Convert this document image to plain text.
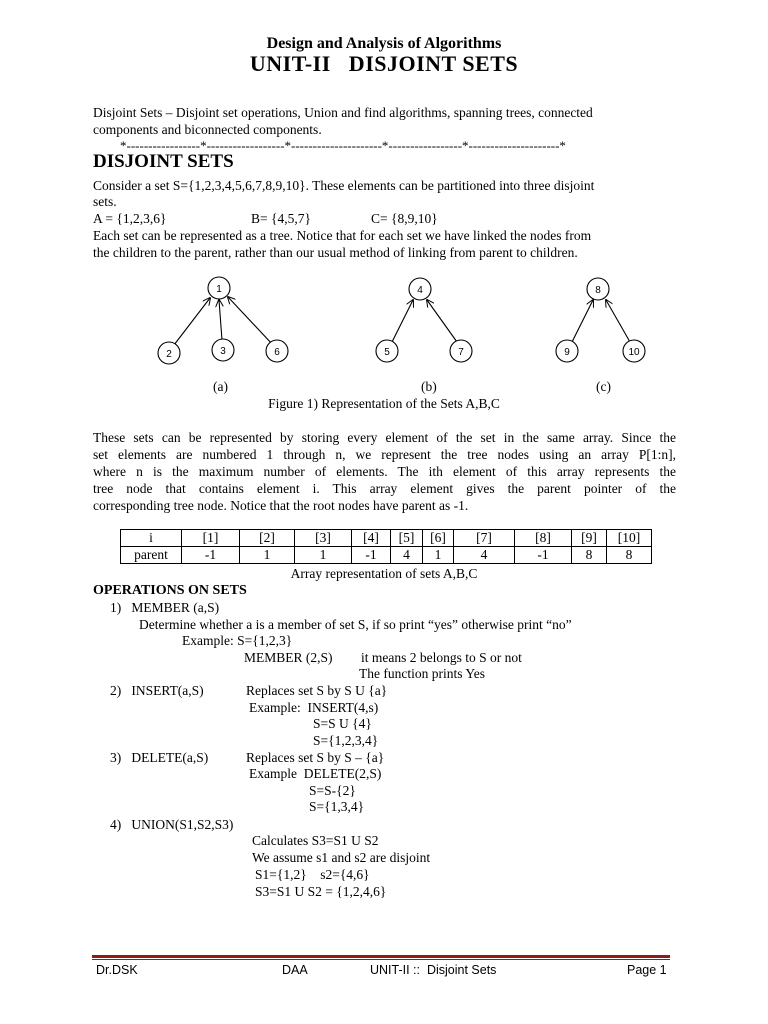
Design and Analysis of Algorithms
UNIT-II   DISJOINT SETS
Disjoint Sets – Disjoint set operations, Union and find algorithms, spanning trees, connected
components and biconnected components.
*-----------------*------------------*---------------------*-----------------*---------------------*
DISJOINT SETS
Consider a set S={1,2,3,4,5,6,7,8,9,10}. These elements can be partitioned into three disjoint
sets.
A = {1,2,3,6}	B= {4,5,7}	C= {8,9,10}
Each set can be represented as a tree. Notice that for each set we have linked the nodes from
the children to the parent, rather than our usual method of linking from parent to children.
1
2	3	6
4
5	7
8
9	10
(a)	(b)	(c)
Figure 1) Representation of the Sets A,B,C
These sets can be represented by storing every element of the set in the same array. Since the
set elements are numbered 1 through n, we represent the tree nodes using an array P[1:n],
where n is the maximum number of elements. The ith element of this array represents the
tree node that contains element i. This array element gives the parent pointer of the
corresponding tree node. Notice that the root nodes have parent as -1.
i	[1]	[2]	[3]	[4]	[5]	[6]	[7]	[8]	[9]	[10]
parent	-1	1	1	-1	4	1	4	-1	8	8
Array representation of sets A,B,C
OPERATIONS ON SETS
1)   MEMBER (a,S)
Determine whether a is a member of set S, if so print “yes” otherwise print “no”
Example: S={1,2,3}
MEMBER (2,S) it means 2 belongs to S or not
The function prints Yes
2)   INSERT(a,S)	Replaces set S by S U {a}
Example:  INSERT(4,s)
S=S U {4}
S={1,2,3,4}
3)   DELETE(a,S)	Replaces set S by S – {a}
Example  DELETE(2,S)
S=S-{2}
S={1,3,4}
4)   UNION(S1,S2,S3)
Calculates S3=S1 U S2
We assume s1 and s2 are disjoint
S1={1,2}    s2={4,6}
S3=S1 U S2 = {1,2,4,6}
Dr.DSK	DAA	UNIT-II ::  Disjoint Sets	Page 1
